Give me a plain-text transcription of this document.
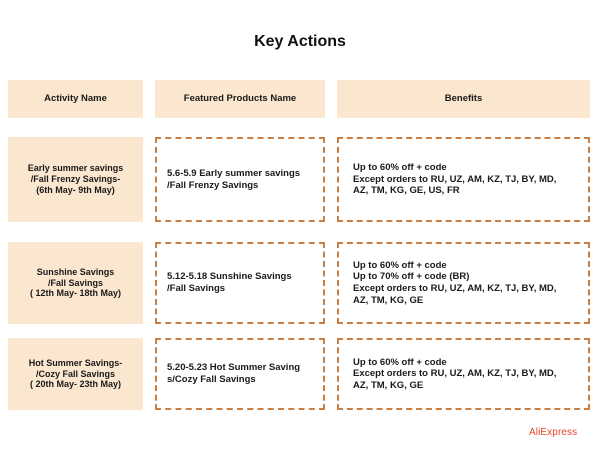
Key Actions
Activity Name	Featured Products Name	Benefits
Early summer savings
/Fall Frenzy Savings-
(6th May- 9th May)
5.6-5.9 Early summer savings
/Fall Frenzy Savings
Up to 60% off + code
Except orders to RU, UZ, AM, KZ, TJ, BY, MD,
AZ, TM, KG, GE, US, FR
Sunshine Savings
/Fall Savings
( 12th May- 18th May)
5.12-5.18 Sunshine Savings
/Fall Savings
Up to 60% off + code
Up to 70% off + code (BR)
Except orders to RU, UZ, AM, KZ, TJ, BY, MD,
AZ, TM, KG, GE
Hot Summer Savings-
/Cozy Fall Savings
( 20th May- 23th May)
5.20-5.23 Hot Summer Saving
s/Cozy Fall Savings
Up to 60% off + code
Except orders to RU, UZ, AM, KZ, TJ, BY, MD,
AZ, TM, KG, GE
AliExpress
